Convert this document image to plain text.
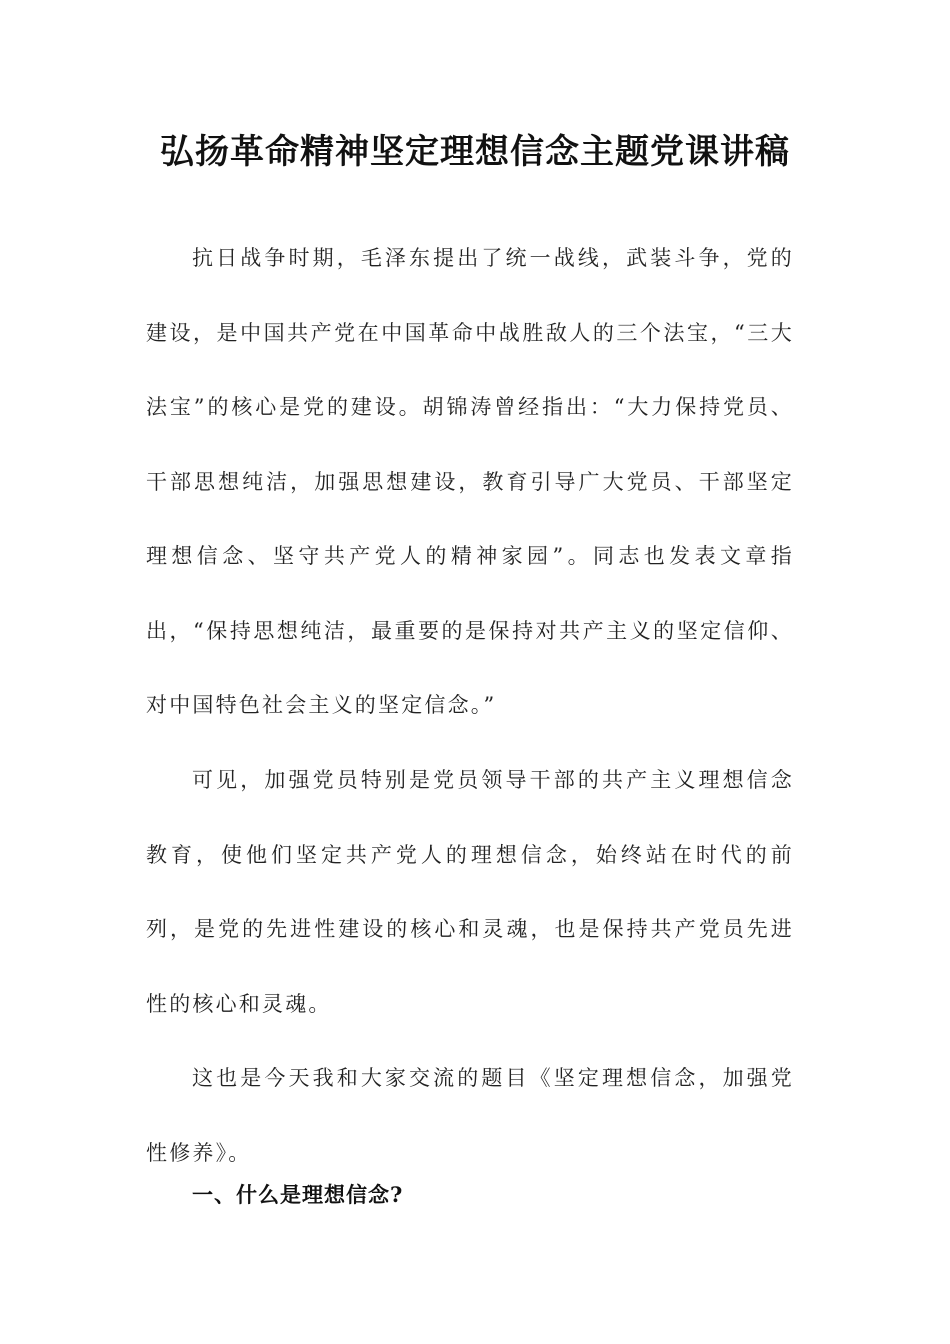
弘扬革命精神坚定理想信念主题党课讲稿

抗日战争时期，毛泽东提出了统一战线，武装斗争，党的建设，是中国共产党在中国革命中战胜敌人的三个法宝，“三大法宝”的核心是党的建设。胡锦涛曾经指出：“大力保持党员、干部思想纯洁，加强思想建设，教育引导广大党员、干部坚定理想信念、坚守共产党人的精神家园”。同志也发表文章指出，“保持思想纯洁，最重要的是保持对共产主义的坚定信仰、对中国特色社会主义的坚定信念。”

可见，加强党员特别是党员领导干部的共产主义理想信念教育，使他们坚定共产党人的理想信念，始终站在时代的前列，是党的先进性建设的核心和灵魂，也是保持共产党员先进性的核心和灵魂。

这也是今天我和大家交流的题目《坚定理想信念，加强党性修养》。

一、什么是理想信念?
